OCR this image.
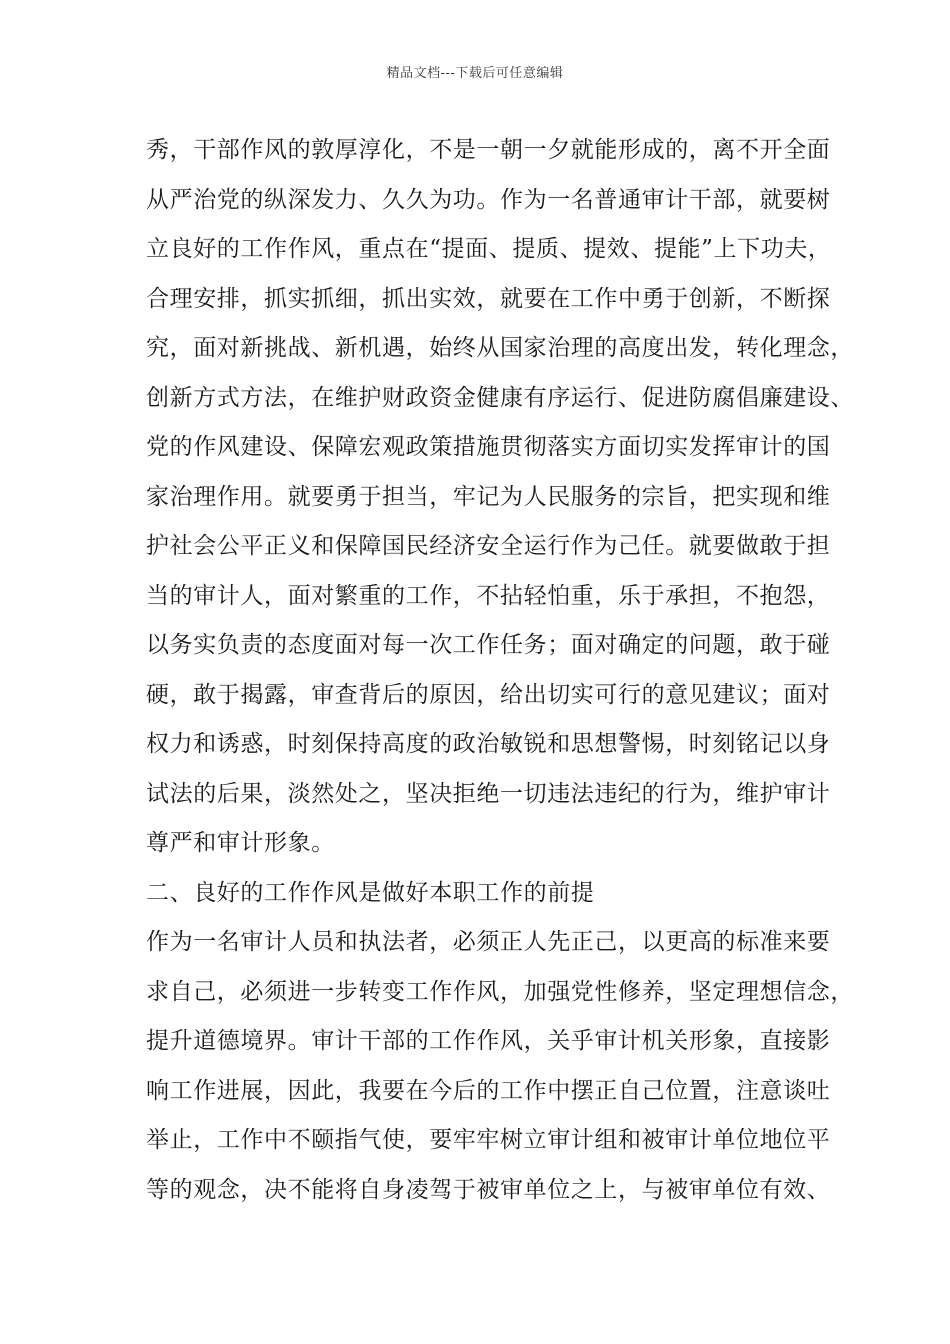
精品文档---下载后可任意编辑
秀，干部作风的敦厚淳化，不是一朝一夕就能形成的，离不开全面
从严治党的纵深发力、久久为功。作为一名普通审计干部，就要树
立良好的工作作风，重点在“提面、提质、提效、提能”上下功夫，
合理安排，抓实抓细，抓出实效，就要在工作中勇于创新，不断探
究，面对新挑战、新机遇，始终从国家治理的高度出发，转化理念，
创新方式方法，在维护财政资金健康有序运行、促进防腐倡廉建设、
党的作风建设、保障宏观政策措施贯彻落实方面切实发挥审计的国
家治理作用。就要勇于担当，牢记为人民服务的宗旨，把实现和维
护社会公平正义和保障国民经济安全运行作为己任。就要做敢于担
当的审计人，面对繁重的工作，不拈轻怕重，乐于承担，不抱怨，
以务实负责的态度面对每一次工作任务；面对确定的问题，敢于碰
硬，敢于揭露，审查背后的原因，给出切实可行的意见建议；面对
权力和诱惑，时刻保持高度的政治敏锐和思想警惕，时刻铭记以身
试法的后果，淡然处之，坚决拒绝一切违法违纪的行为，维护审计
尊严和审计形象。
二、良好的工作作风是做好本职工作的前提
作为一名审计人员和执法者，必须正人先正己，以更高的标准来要
求自己，必须进一步转变工作作风，加强党性修养，坚定理想信念，
提升道德境界。审计干部的工作作风，关乎审计机关形象，直接影
响工作进展，因此，我要在今后的工作中摆正自己位置，注意谈吐
举止，工作中不颐指气使，要牢牢树立审计组和被审计单位地位平
等的观念，决不能将自身凌驾于被审单位之上，与被审单位有效、
